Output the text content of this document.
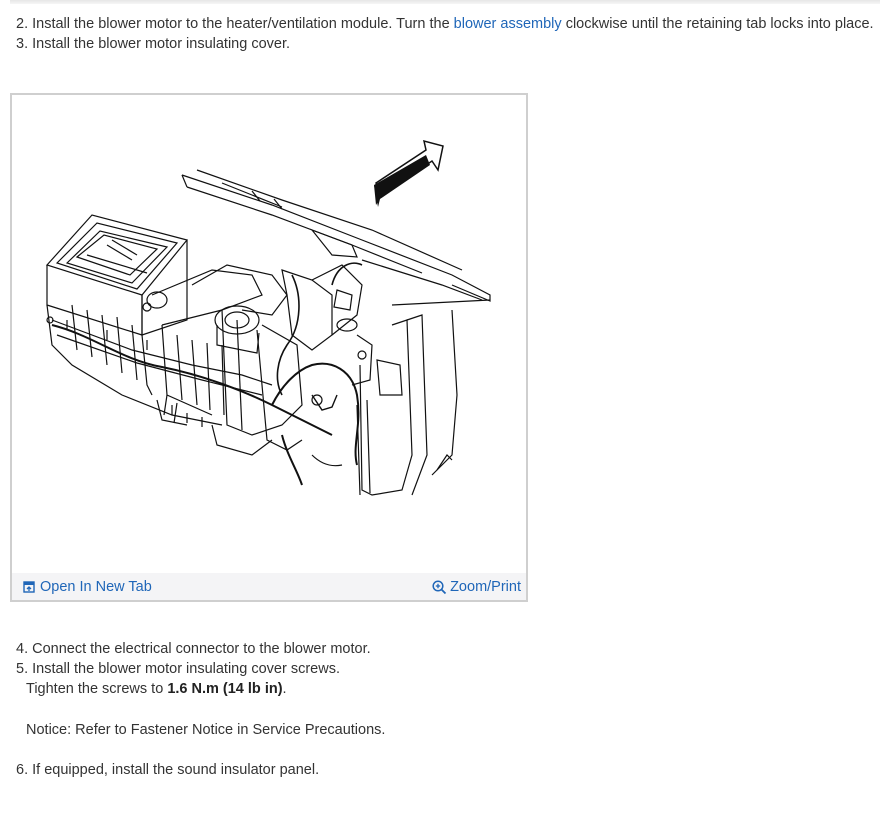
2. Install the blower motor to the heater/ventilation module. Turn the blower assembly clockwise until the retaining tab locks into place.
3. Install the blower motor insulating cover.
Open In New Tab	Zoom/Print
4. Connect the electrical connector to the blower motor.
5. Install the blower motor insulating cover screws.
Tighten the screws to 1.6 N.m (14 lb in).
Notice: Refer to Fastener Notice in Service Precautions.
6. If equipped, install the sound insulator panel.
